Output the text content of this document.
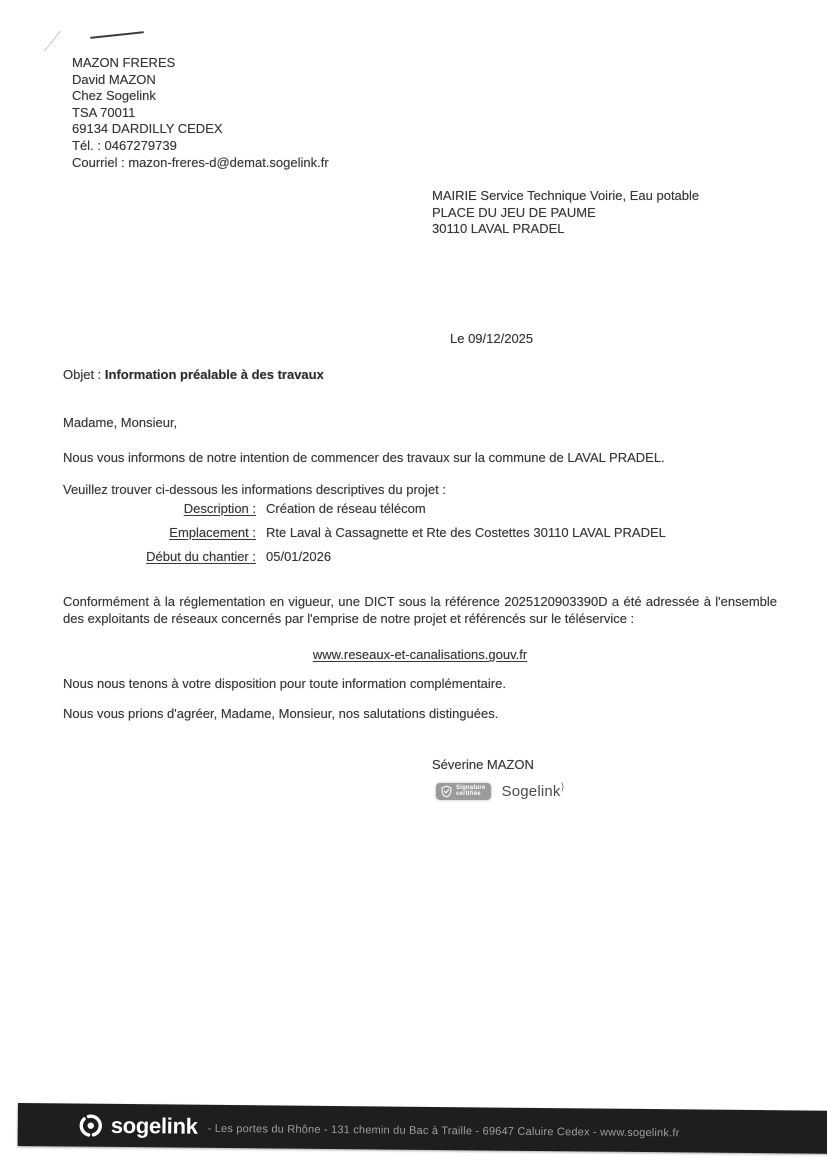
MAZON FRERES
David MAZON
Chez Sogelink
TSA 70011
69134 DARDILLY CEDEX
Tél. : 0467279739
Courriel : mazon-freres-d@demat.sogelink.fr
MAIRIE Service Technique Voirie, Eau potable
PLACE DU JEU DE PAUME
30110 LAVAL PRADEL
Le 09/12/2025
Objet : Information préalable à des travaux
Madame, Monsieur,
Nous vous informons de notre intention de commencer des travaux sur la commune de LAVAL PRADEL.
Veuillez trouver ci-dessous les informations descriptives du projet :
Description : Création de réseau télécom
Emplacement : Rte Laval à Cassagnette et Rte des Costettes 30110 LAVAL PRADEL
Début du chantier : 05/01/2026
Conformément à la réglementation en vigueur, une DICT sous la référence 2025120903390D a été adressée à l'ensemble des exploitants de réseaux concernés par l'emprise de notre projet et référencés sur le téléservice :
www.reseaux-et-canalisations.gouv.fr
Nous nous tenons à votre disposition pour toute information complémentaire.
Nous vous prions d'agréer, Madame, Monsieur, nos salutations distinguées.
Séverine MAZON
Signature
certifiée	Sogelink⟩
sogelink - Les portes du Rhône - 131 chemin du Bac à Traille - 69647 Caluire Cedex - www.sogelink.fr
